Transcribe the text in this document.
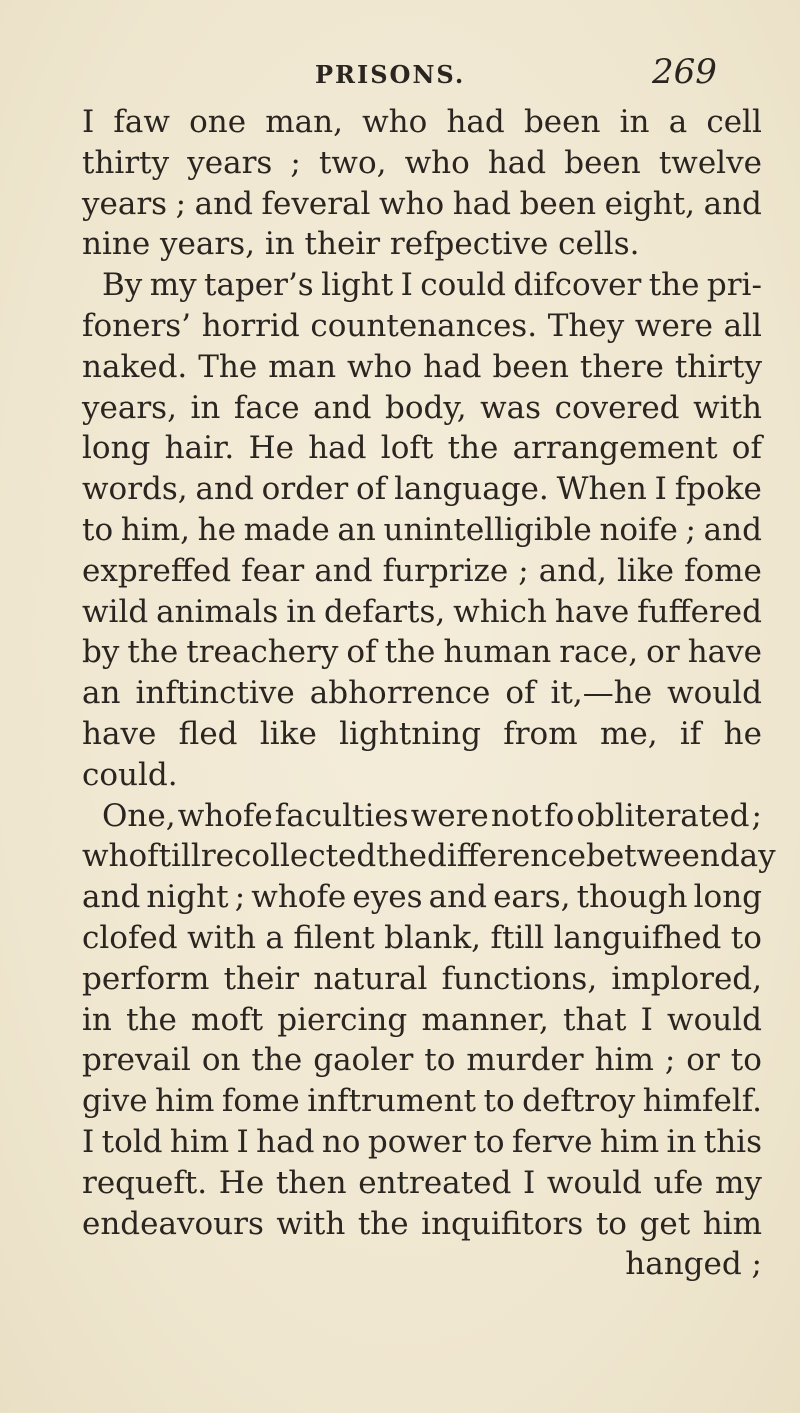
PRISONS.	269
I faw one man, who had been in a cell
thirty years ; two, who had been twelve
years ; and feveral who had been eight, and
nine years, in their refpective cells.
By my taper’s light I could difcover the pri-
foners’ horrid countenances. They were all
naked. The man who had been there thirty
years, in face and body, was covered with
long hair. He had loft the arrangement of
words, and order of language. When I fpoke
to him, he made an unintelligible noife ; and
expreffed fear and furprize ; and, like fome
wild animals in defarts, which have fuffered
by the treachery of the human race, or have
an inftinctive abhorrence of it,—he would
have fled like lightning from me, if he
could.
One, whofe faculties were not fo obliterated ;
who ftill recollected the difference between day
and night ; whofe eyes and ears, though long
clofed with a filent blank, ftill languifhed to
perform their natural functions, implored,
in the moft piercing manner, that I would
prevail on the gaoler to murder him ; or to
give him fome inftrument to deftroy himfelf.
I told him I had no power to ferve him in this
requeft. He then entreated I would ufe my
endeavours with the inquifitors to get him
hanged ;
